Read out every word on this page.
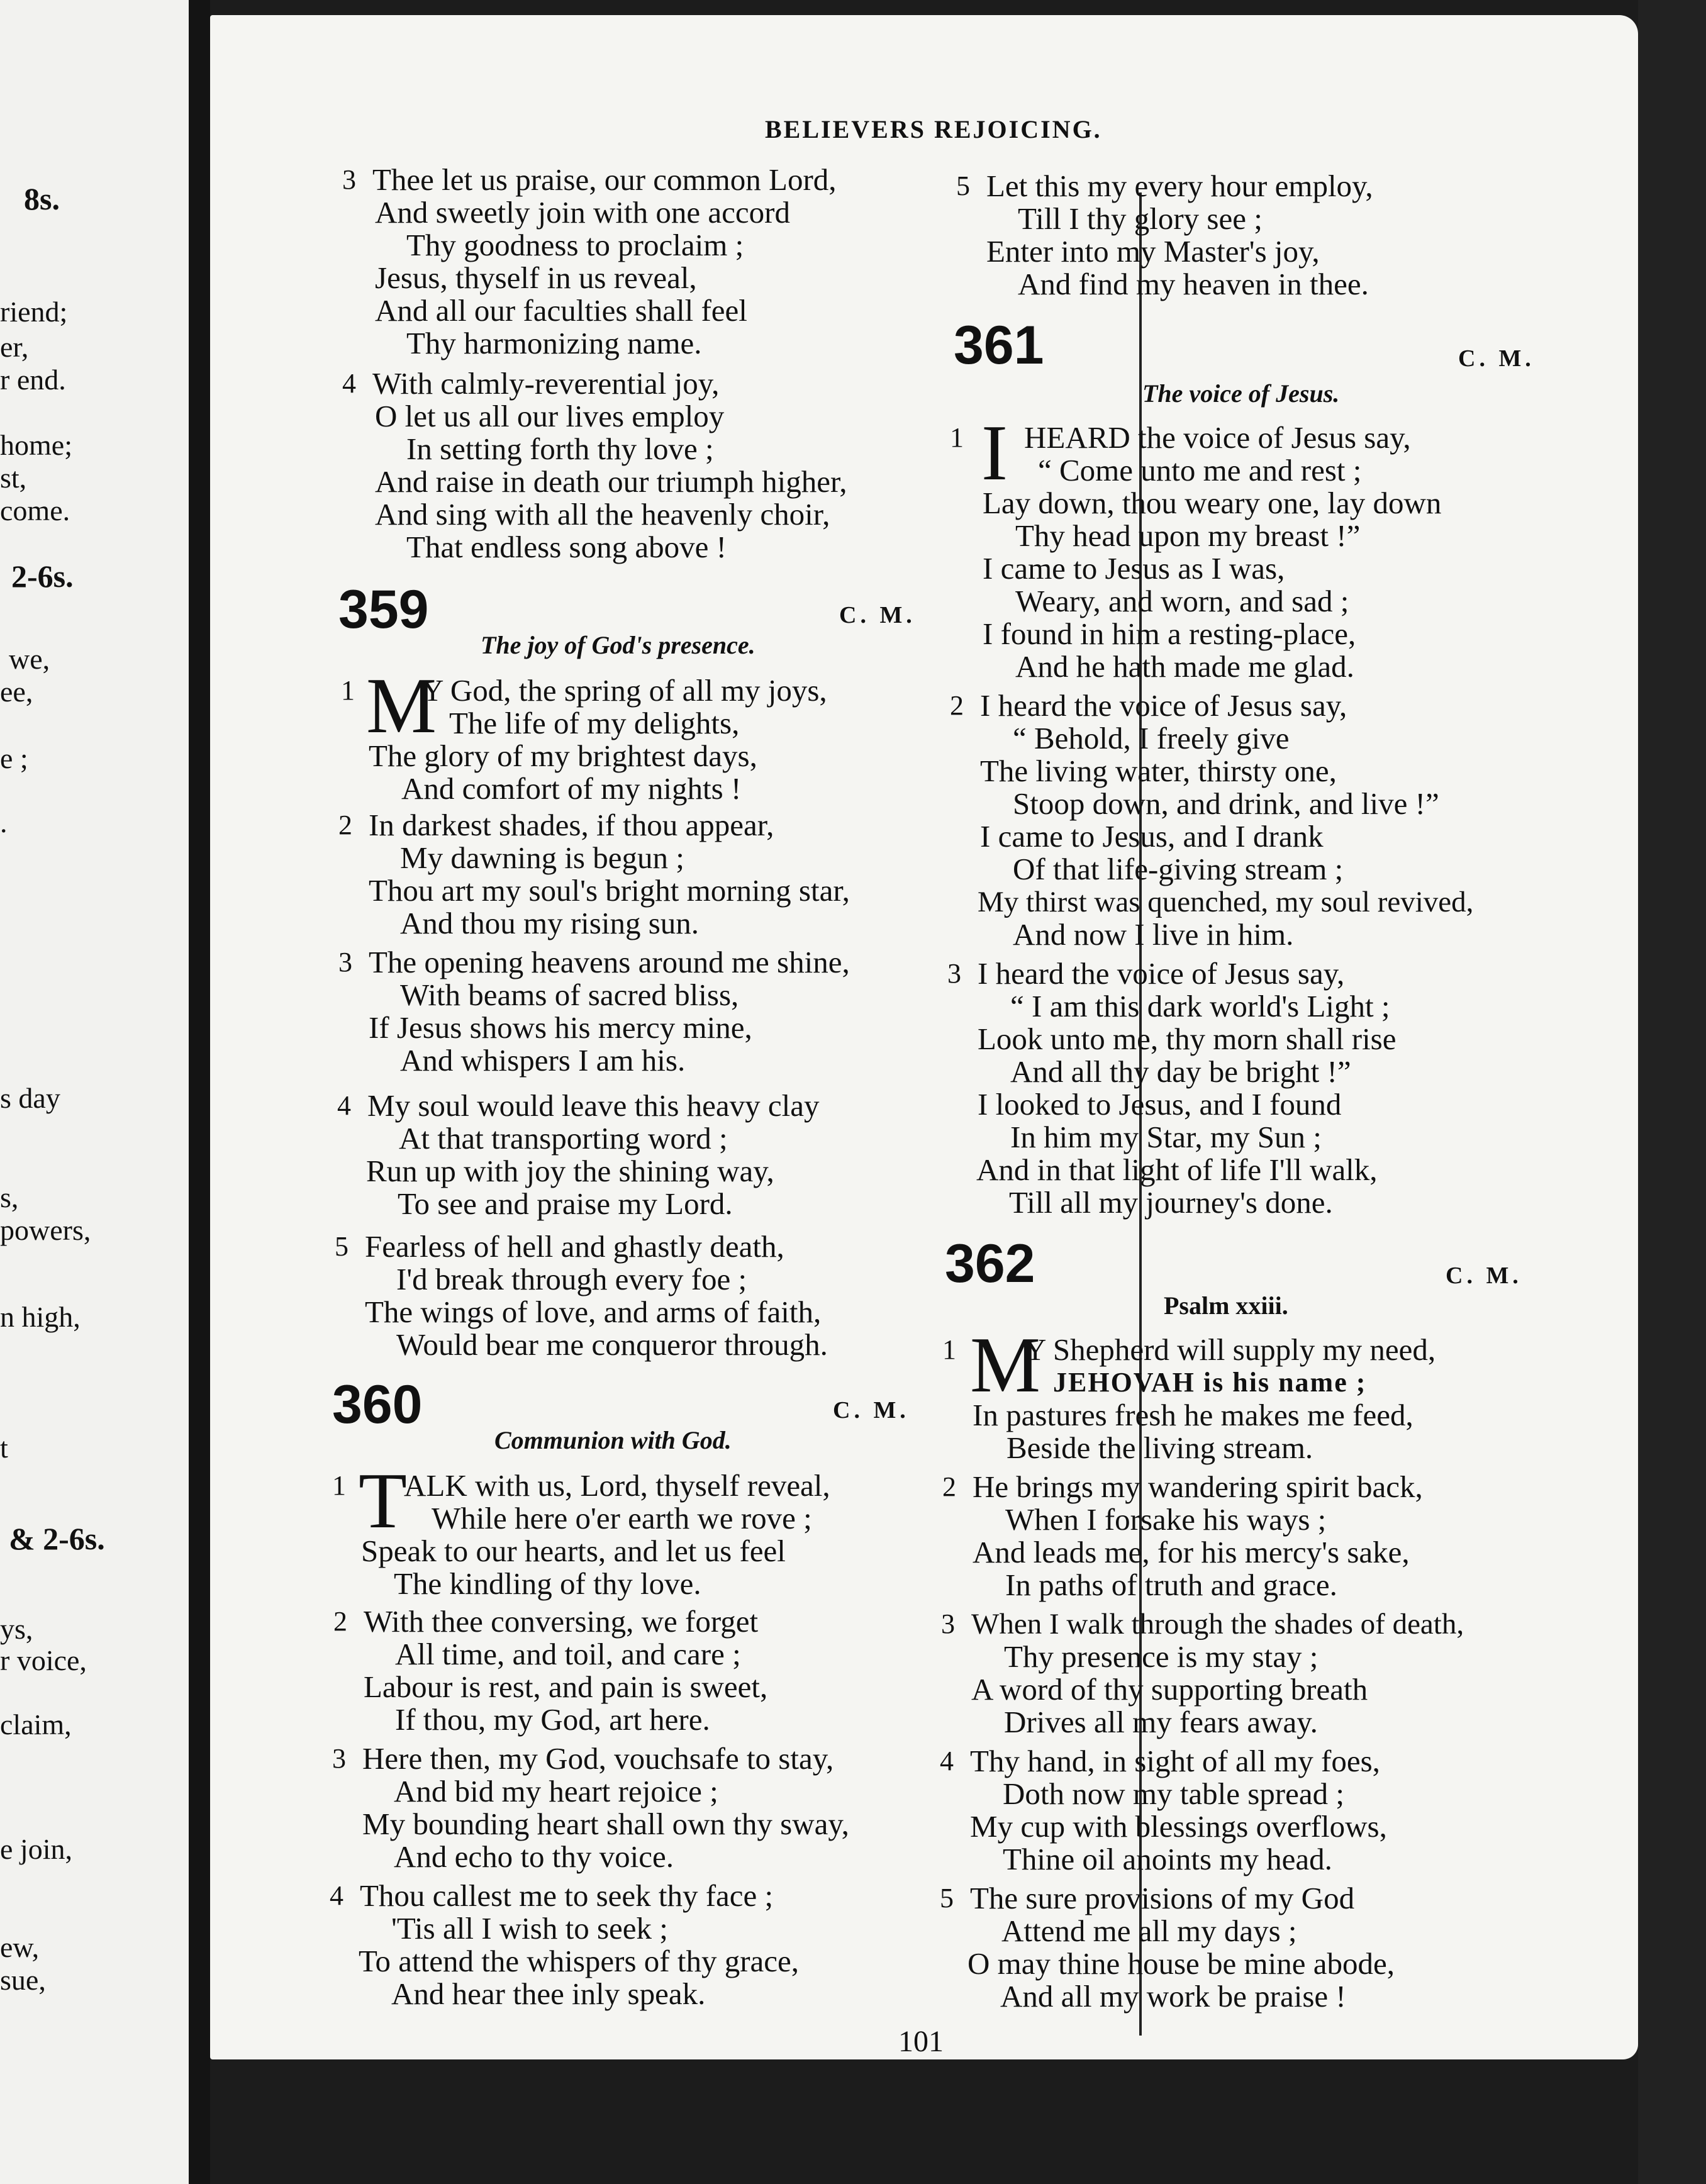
8s.
riend;
er,
r end.
home;
st,
come.
2-6s.
we,
ee,
e ;
.
s day
s,
powers,
n high,
t
& 2-6s.
ys,
r voice,
claim,
e join,
ew,
sue,
BELIEVERS REJOICING.
3 Thee let us praise, our common Lord,
And sweetly join with one accord
Thy goodness to proclaim ;
Jesus, thyself in us reveal,
And all our faculties shall feel
Thy harmonizing name.
4 With calmly-reverential joy,
O let us all our lives employ
In setting forth thy love ;
And raise in death our triumph higher,
And sing with all the heavenly choir,
That endless song above !
359	C. M.
The joy of God's presence.
1 M
Y God, the spring of all my joys,
The life of my delights,
The glory of my brightest days,
And comfort of my nights !
2 In darkest shades, if thou appear,
My dawning is begun ;
Thou art my soul's bright morning star,
And thou my rising sun.
3 The opening heavens around me shine,
With beams of sacred bliss,
If Jesus shows his mercy mine,
And whispers I am his.
4 My soul would leave this heavy clay
At that transporting word ;
Run up with joy the shining way,
To see and praise my Lord.
5 Fearless of hell and ghastly death,
I'd break through every foe ;
The wings of love, and arms of faith,
Would bear me conqueror through.
360	C. M.
Communion with God.
1 T
ALK with us, Lord, thyself reveal,
While here o'er earth we rove ;
Speak to our hearts, and let us feel
The kindling of thy love.
2 With thee conversing, we forget
All time, and toil, and care ;
Labour is rest, and pain is sweet,
If thou, my God, art here.
3 Here then, my God, vouchsafe to stay,
And bid my heart rejoice ;
My bounding heart shall own thy sway,
And echo to thy voice.
4 Thou callest me to seek thy face ;
'Tis all I wish to seek ;
To attend the whispers of thy grace,
And hear thee inly speak.
5 Let this my every hour employ,
Till I thy glory see ;
Enter into my Master's joy,
And find my heaven in thee.
361	C. M.
The voice of Jesus.
1 I HEARD the voice of Jesus say,
“ Come unto me and rest ;
Lay down, thou weary one, lay down
Thy head upon my breast !”
I came to Jesus as I was,
Weary, and worn, and sad ;
I found in him a resting-place,
And he hath made me glad.
2 I heard the voice of Jesus say,
“ Behold, I freely give
The living water, thirsty one,
Stoop down, and drink, and live !”
I came to Jesus, and I drank
Of that life-giving stream ;
My thirst was quenched, my soul revived,
And now I live in him.
3 I heard the voice of Jesus say,
“ I am this dark world's Light ;
Look unto me, thy morn shall rise
And all thy day be bright !”
I looked to Jesus, and I found
In him my Star, my Sun ;
And in that light of life I'll walk,
Till all my journey's done.
362	C. M.
Psalm xxiii.
1 M
Y Shepherd will supply my need,
JEHOVAH is his name ;
In pastures fresh he makes me feed,
Beside the living stream.
2 He brings my wandering spirit back,
When I forsake his ways ;
And leads me, for his mercy's sake,
In paths of truth and grace.
3 When I walk through the shades of death,
Thy presence is my stay ;
A word of thy supporting breath
Drives all my fears away.
4 Thy hand, in sight of all my foes,
Doth now my table spread ;
My cup with blessings overflows,
Thine oil anoints my head.
5 The sure provisions of my God
Attend me all my days ;
O may thine house be mine abode,
And all my work be praise !
101
